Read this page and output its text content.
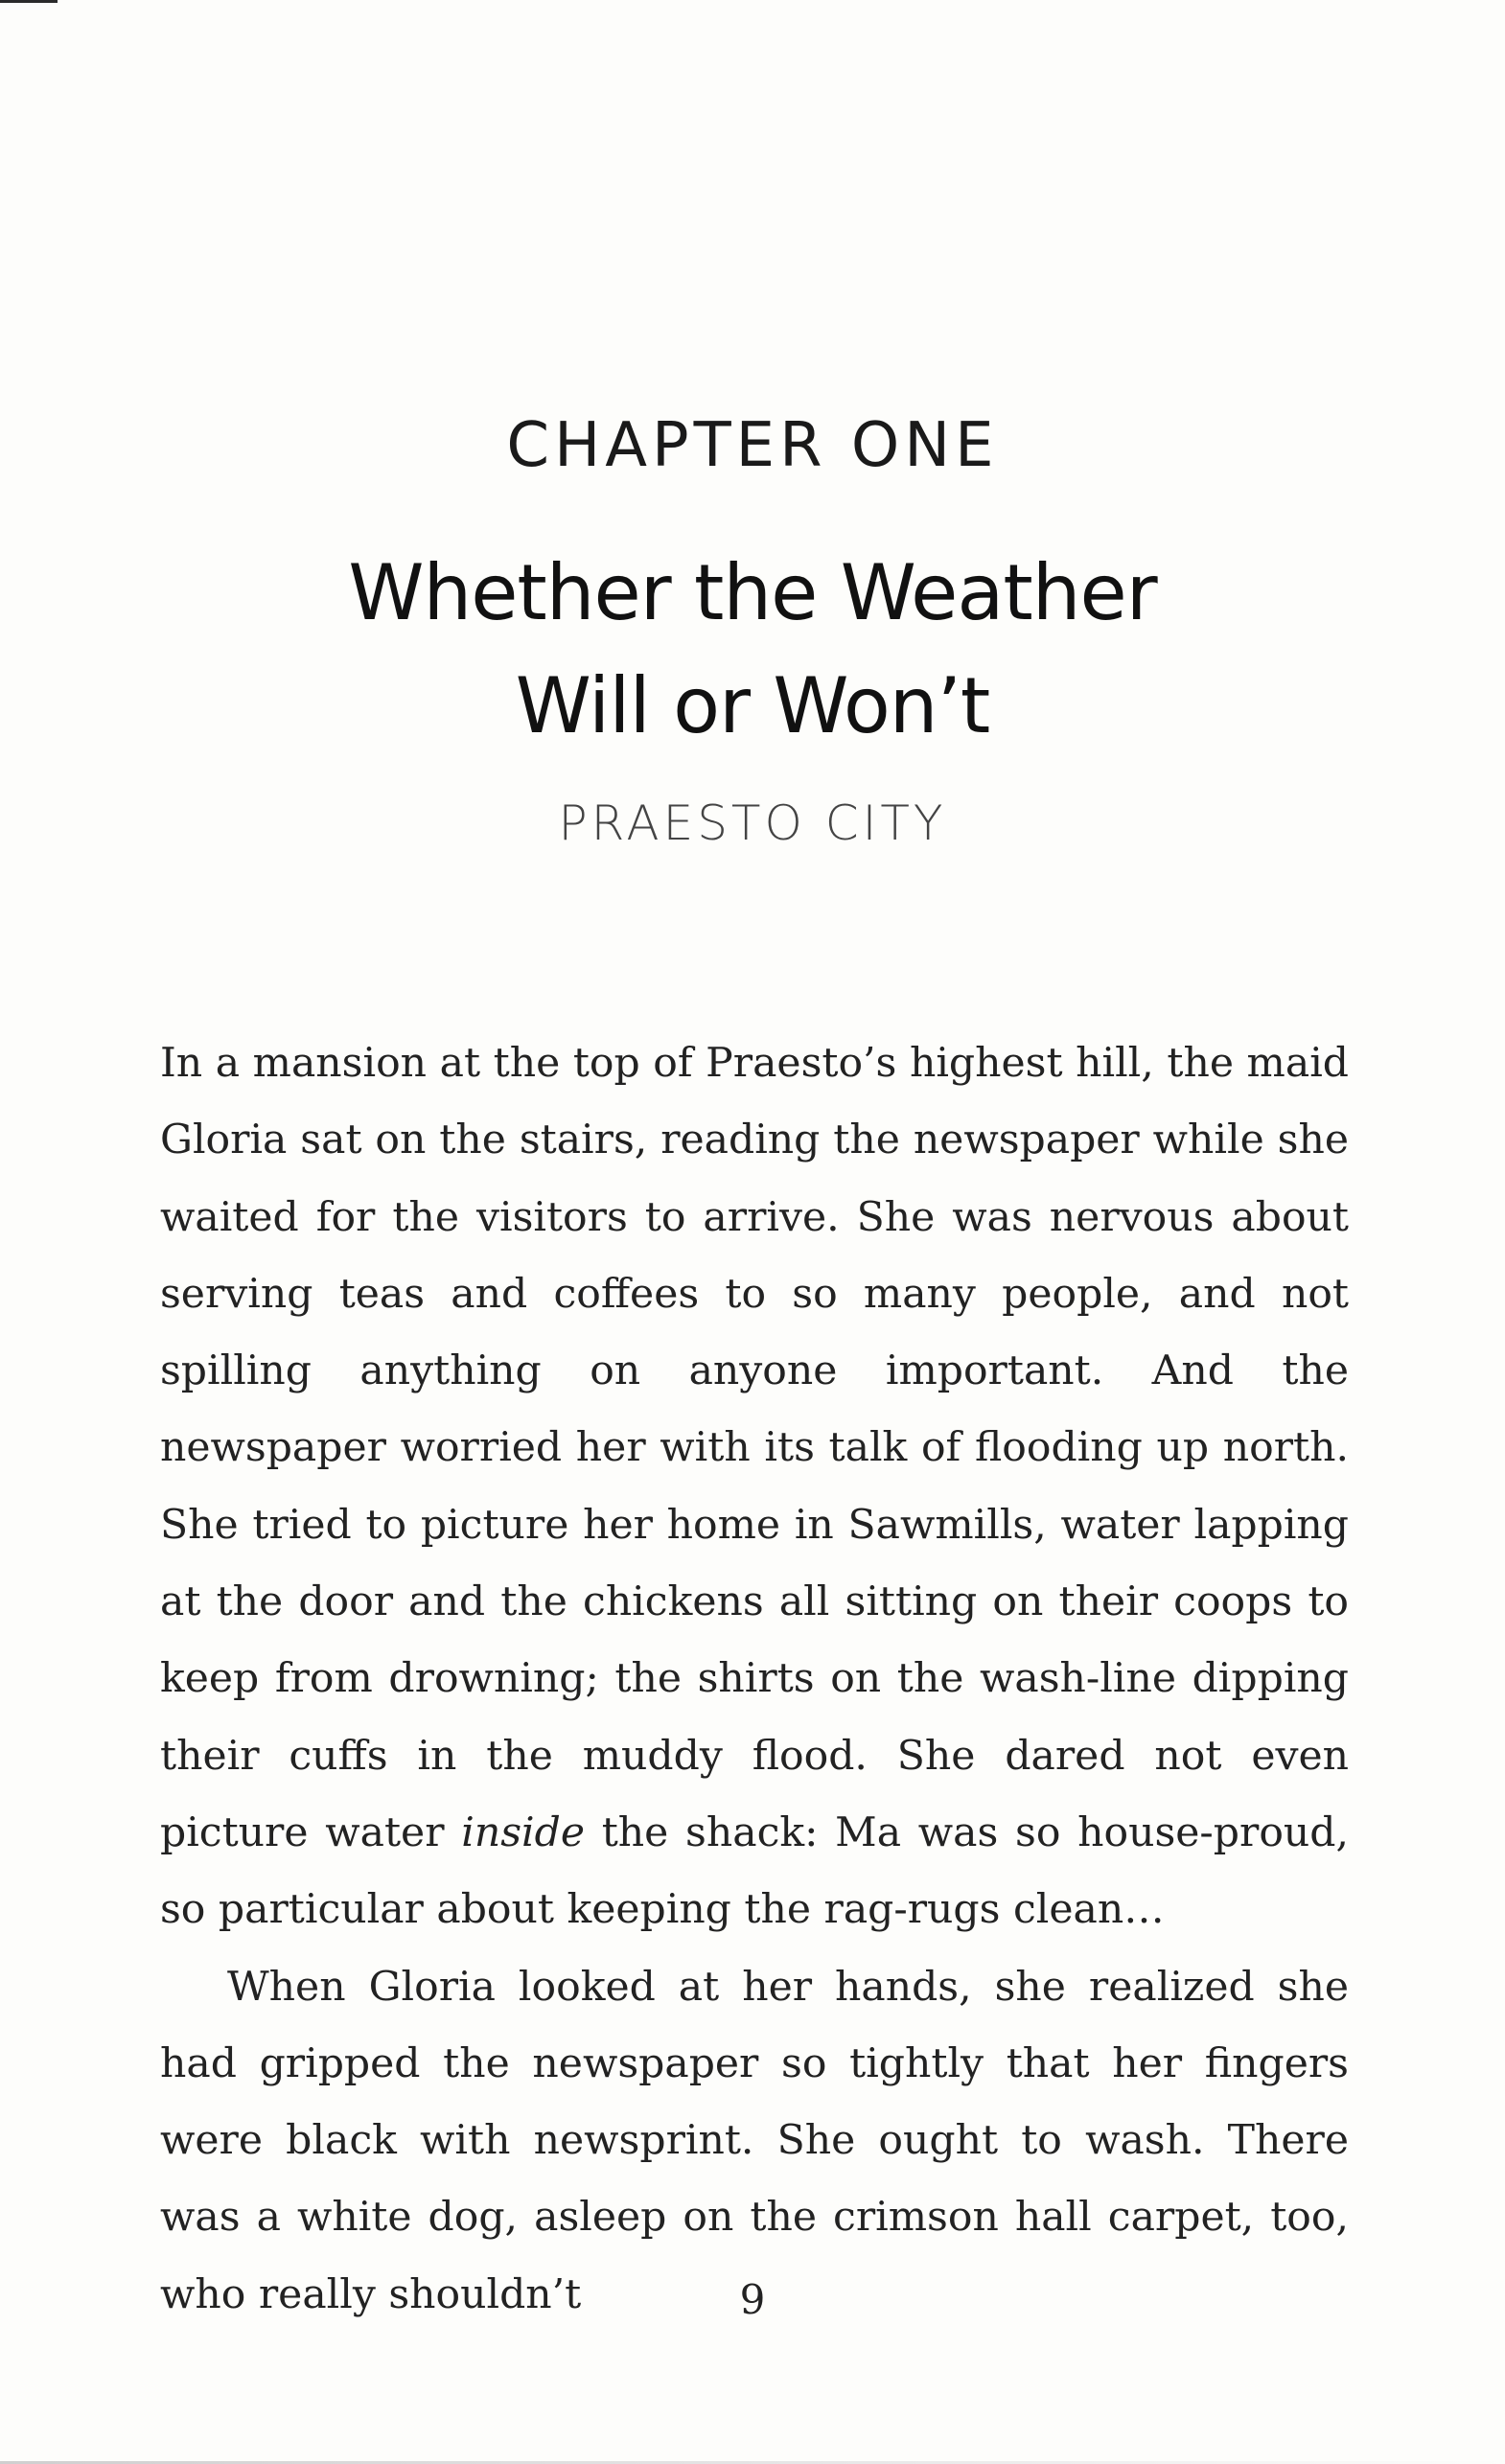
CHAPTER ONE
Whether the Weather
Will or Won’t
PRAESTO CITY

In a mansion at the top of Praesto’s highest hill, the maid Gloria sat on the stairs, reading the newspaper while she waited for the visitors to arrive. She was nervous about serving teas and coffees to so many people, and not spilling anything on anyone important. And the newspaper worried her with its talk of flooding up north. She tried to picture her home in Sawmills, water lapping at the door and the chickens all sitting on their coops to keep from drowning; the shirts on the wash-line dipping their cuffs in the muddy flood. She dared not even picture water inside the shack: Ma was so house-proud, so particular about keeping the rag-rugs clean…

When Gloria looked at her hands, she realized she had gripped the newspaper so tightly that her fingers were black with newsprint. She ought to wash. There was a white dog, asleep on the crimson hall carpet, too, who really shouldn’t	9
